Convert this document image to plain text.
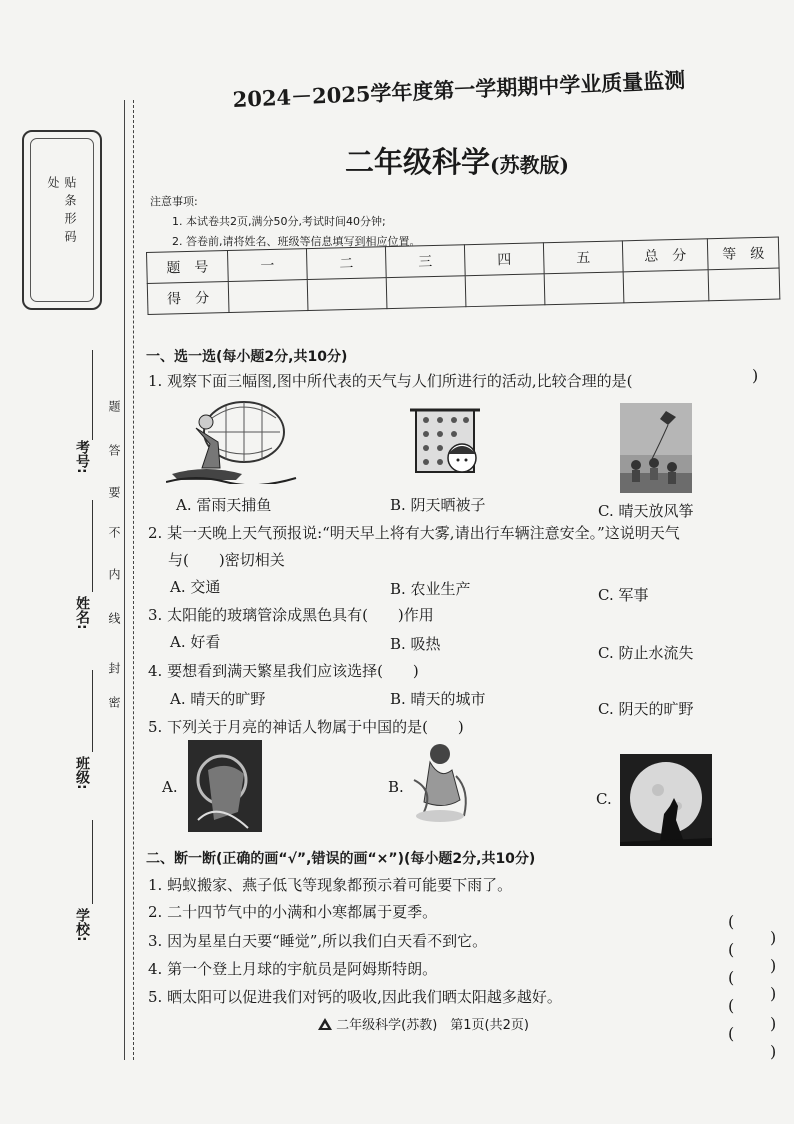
贴条形码处
题
答
要
不
内
线
封
密
考号:
姓名:
班级:
学校:
2024－2025学年度第一学期期中学业质量监测
二年级科学(苏教版)
注意事项:
1. 本试卷共2页,满分50分,考试时间40分钟;
2. 答卷前,请将姓名、班级等信息填写到相应位置。
题　号	一	二	三	四	五	总　分	等　级
得　分							
一、选一选(每小题2分,共10分)
1. 观察下面三幅图,图中所代表的天气与人们所进行的活动,比较合理的是(	)
A. 雷雨天捕鱼	B. 阴天晒被子	C. 晴天放风筝
2. 某一天晚上天气预报说:“明天早上将有大雾,请出行车辆注意安全。”这说明天气
与(　　)密切相关
A. 交通	B. 农业生产	C. 军事
3. 太阳能的玻璃管涂成黑色具有(　　)作用
A. 好看	B. 吸热	C. 防止水流失
4. 要想看到满天繁星我们应该选择(　　)
A. 晴天的旷野	B. 晴天的城市
C. 阴天的旷野
5. 下列关于月亮的神话人物属于中国的是(　　)
A.	B.
C.
二、断一断(正确的画“√”,错误的画“×”)(每小题2分,共10分)
1. 蚂蚁搬家、燕子低飞等现象都预示着可能要下雨了。
2. 二十四节气中的小满和小寒都属于夏季。
3. 因为星星白天要“睡觉”,所以我们白天看不到它。
4. 第一个登上月球的宇航员是阿姆斯特朗。
5. 晒太阳可以促进我们对钙的吸收,因此我们晒太阳越多越好。
(
)
(
)
(
)
(
)
(
)
二年级科学(苏教)　第1页(共2页)
